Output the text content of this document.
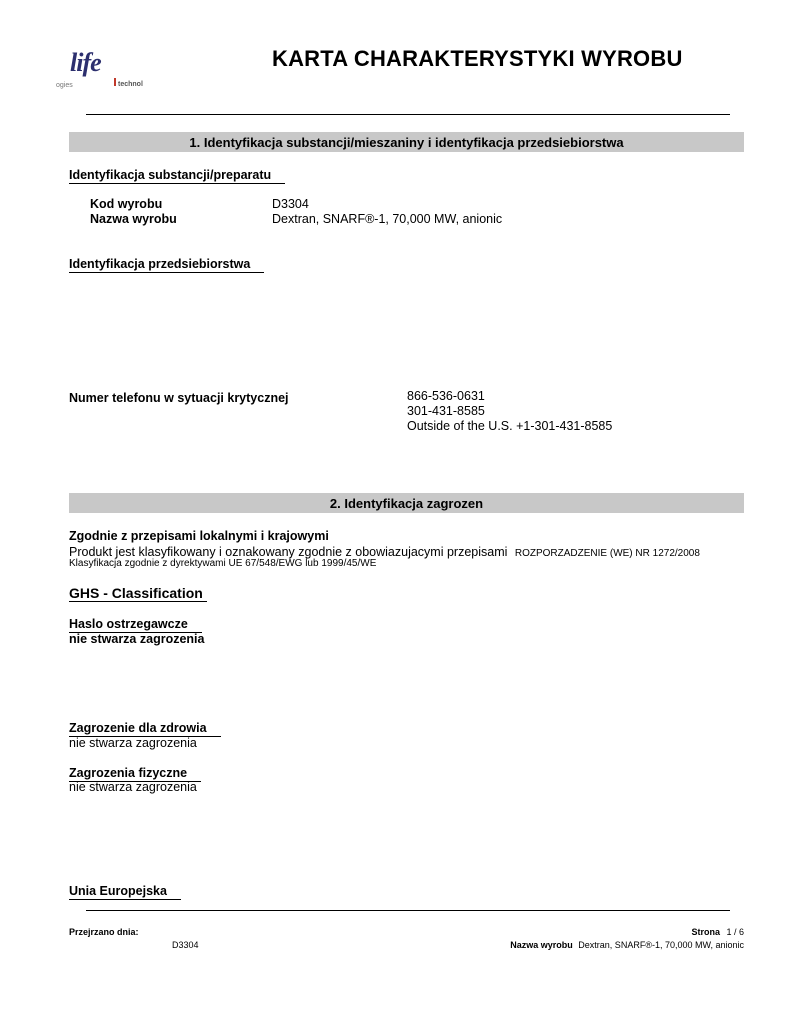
life
ogies	technol
KARTA CHARAKTERYSTYKI WYROBU
1. Identyfikacja substancji/mieszaniny i identyfikacja przedsiebiorstwa
Identyfikacja substancji/preparatu
Kod wyrobu	D3304
Nazwa wyrobu	Dextran, SNARF®-1, 70,000 MW, anionic
Identyfikacja przedsiebiorstwa
Numer telefonu w sytuacji krytycznej	866-536-0631
301-431-8585
Outside of the U.S. +1-301-431-8585
2. Identyfikacja zagrozen
Zgodnie z przepisami lokalnymi i krajowymi
Produkt jest klasyfikowany i oznakowany zgodnie z obowiazujacymi przepisami ROZPORZADZENIE (WE) NR 1272/2008
Klasyfikacja zgodnie z dyrektywami UE 67/548/EWG lub 1999/45/WE
GHS - Classification
Haslo ostrzegawcze
nie stwarza zagrozenia
Zagrozenie dla zdrowia
nie stwarza zagrozenia
Zagrozenia fizyczne
nie stwarza zagrozenia
Unia Europejska
Przejrzano dnia:
D3304
Strona 1 / 6
Nazwa wyrobu Dextran, SNARF®-1, 70,000 MW, anionic
